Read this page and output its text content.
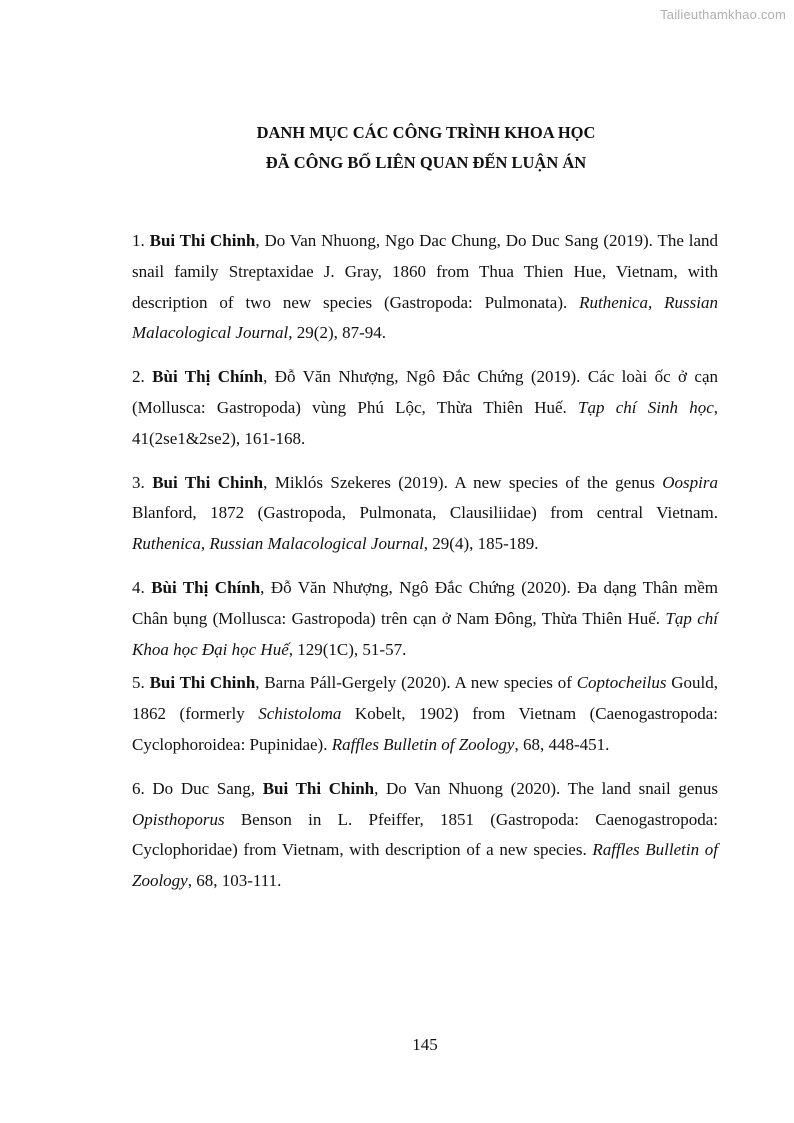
Tailieuthamkhao.com
DANH MỤC CÁC CÔNG TRÌNH KHOA HỌC
ĐÃ CÔNG BỐ LIÊN QUAN ĐẾN LUẬN ÁN
1. Bui Thi Chinh, Do Van Nhuong, Ngo Dac Chung, Do Duc Sang (2019). The land snail family Streptaxidae J. Gray, 1860 from Thua Thien Hue, Vietnam, with description of two new species (Gastropoda: Pulmonata). Ruthenica, Russian Malacological Journal, 29(2), 87-94.
2. Bùi Thị Chính, Đỗ Văn Nhượng, Ngô Đắc Chứng (2019). Các loài ốc ở cạn (Mollusca: Gastropoda) vùng Phú Lộc, Thừa Thiên Huế. Tạp chí Sinh học, 41(2se1&2se2), 161-168.
3. Bui Thi Chinh, Miklós Szekeres (2019). A new species of the genus Oospira Blanford, 1872 (Gastropoda, Pulmonata, Clausiliidae) from central Vietnam. Ruthenica, Russian Malacological Journal, 29(4), 185-189.
4. Bùi Thị Chính, Đỗ Văn Nhượng, Ngô Đắc Chứng (2020). Đa dạng Thân mềm Chân bụng (Mollusca: Gastropoda) trên cạn ở Nam Đông, Thừa Thiên Huế. Tạp chí Khoa học Đại học Huế, 129(1C), 51-57.
5. Bui Thi Chinh, Barna Páll-Gergely (2020). A new species of Coptocheilus Gould, 1862 (formerly Schistoloma Kobelt, 1902) from Vietnam (Caenogastropoda: Cyclophoroidea: Pupinidae). Raffles Bulletin of Zoology, 68, 448-451.
6. Do Duc Sang, Bui Thi Chinh, Do Van Nhuong (2020). The land snail genus Opisthoporus Benson in L. Pfeiffer, 1851 (Gastropoda: Caenogastropoda: Cyclophoridae) from Vietnam, with description of a new species. Raffles Bulletin of Zoology, 68, 103-111.
145
